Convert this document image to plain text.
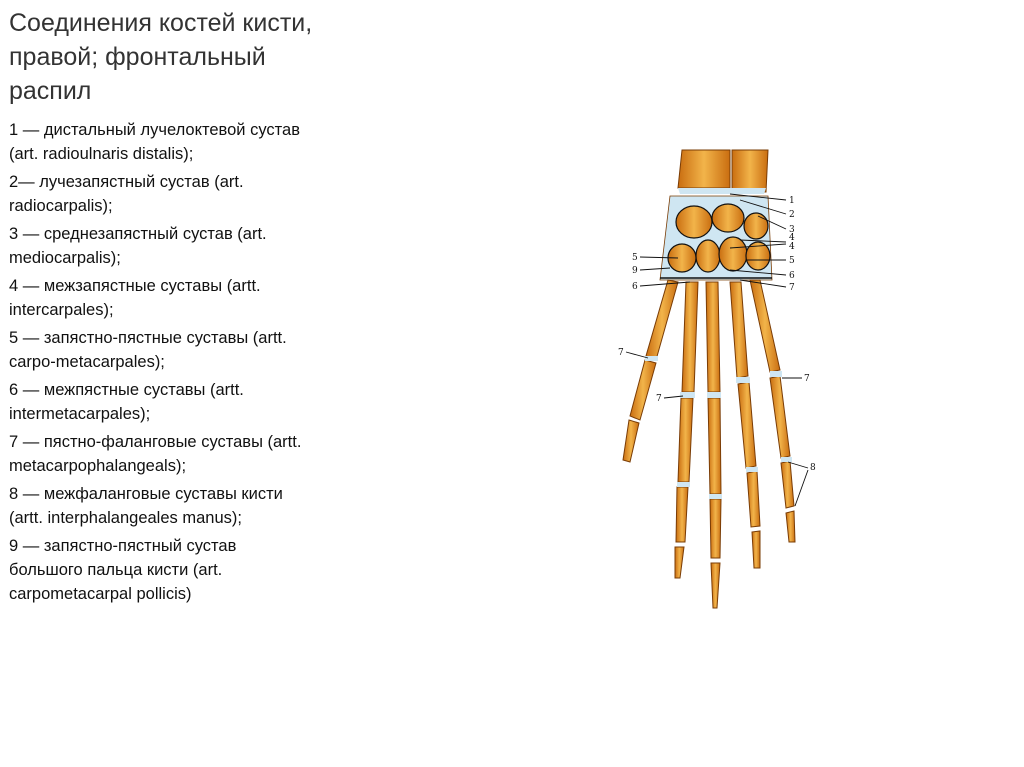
Соединения костей кисти,
правой; фронтальный
распил
1 — дистальный лучелоктевой сустав
(art. radioulnaris distalis);
2— лучезапястный сустав (art.
radiocarpalis);
3 — среднезапястный сустав (art.
mediocarpalis);
4 — межзапястные суставы (artt.
intercarpales);
5 — запястно-пястные суставы (artt.
carpo-metacarpales);
6 — межпястные суставы (artt.
intermetacarpales);
7 — пястно-фаланговые суставы (artt.
metacarpophalangeals);
8 — межфаланговые суставы кисти
(artt. interphalangeales manus);
9 — запястно-пястный сустав
большого пальца кисти (art.
carpometacarpal pollicis)
1
2
3
4
4
5
6
7
5
9
6
7
7
7
8
